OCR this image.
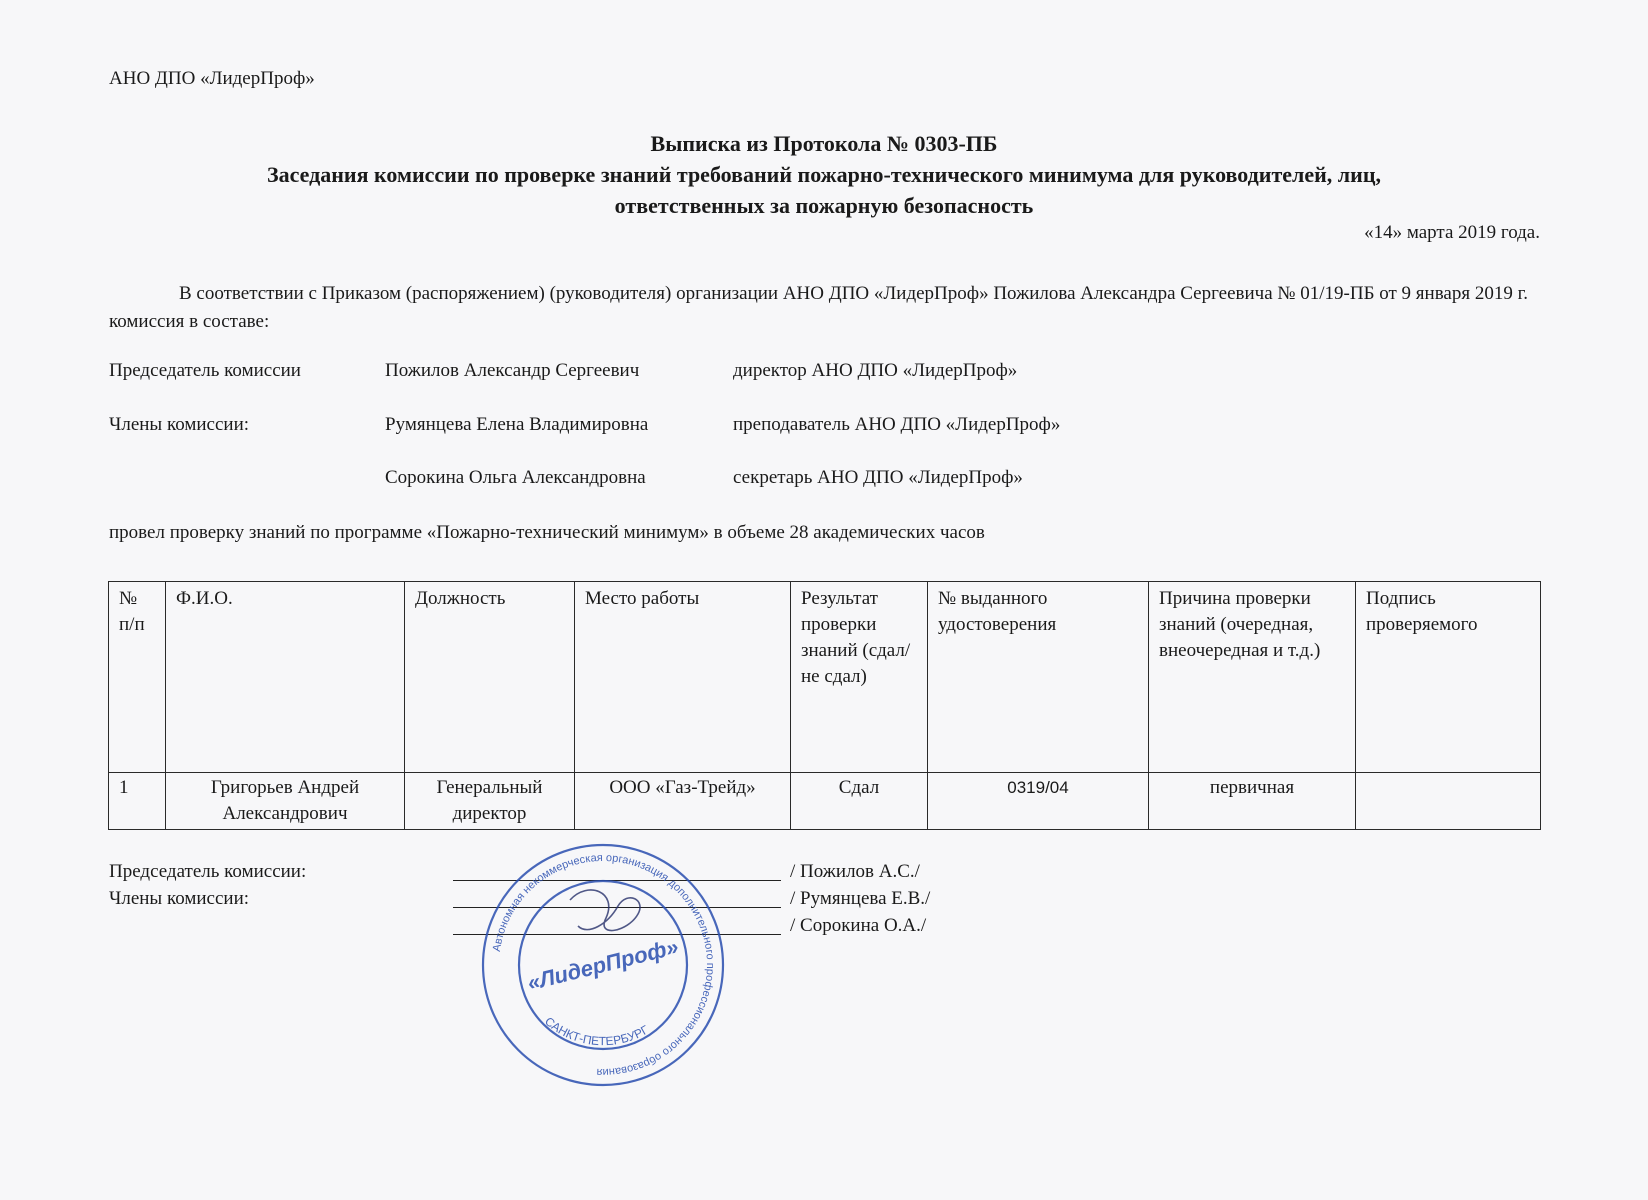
АНО ДПО «ЛидерПроф»
Выписка из Протокола № 0303-ПБ
Заседания комиссии по проверке знаний требований пожарно-технического минимума для руководителей, лиц,
ответственных за пожарную безопасность
«14» марта 2019 года.
В соответствии с Приказом (распоряжением) (руководителя) организации АНО ДПО «ЛидерПроф» Пожилова Александра Сергеевича № 01/19-ПБ от 9 января 2019 г. комиссия в составе:
Председатель комиссии	Пожилов Александр Сергеевич	директор АНО ДПО «ЛидерПроф»
Члены комиссии:	Румянцева Елена Владимировна	преподаватель АНО ДПО «ЛидерПроф»
Сорокина Ольга Александровна	секретарь АНО ДПО «ЛидерПроф»
провел проверку знаний по программе «Пожарно-технический минимум» в объеме 28 академических часов
№ п/п	Ф.И.О.	Должность	Место работы	Результат проверки знаний (сдал/не сдал)	№ выданного удостоверения	Причина проверки знаний (очередная, внеочередная и т.д.)	Подпись проверяемого
1	Григорьев Андрей Александрович	Генеральный директор	ООО «Газ-Трейд»	Сдал	0319/04	первичная	
Председатель комиссии:
Члены комиссии:
/ Пожилов А.С./
/ Румянцева Е.В./
/ Сорокина О.А./
Автономная некоммерческая организация дополнительного профессионального образования
«ЛидерПроф»
САНКТ-ПЕТЕРБУРГ
